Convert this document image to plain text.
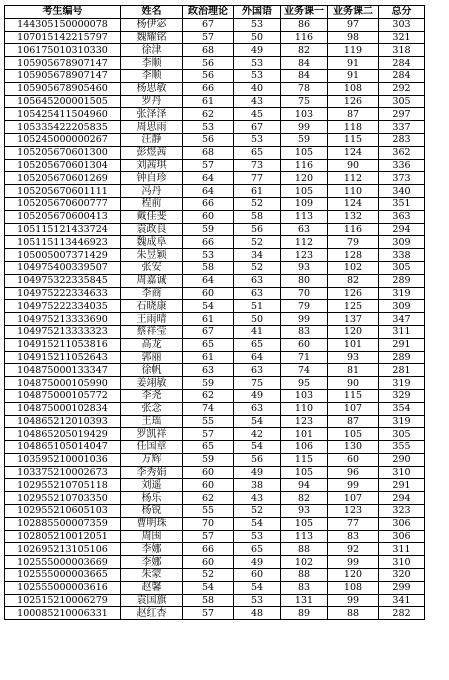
考生编号	姓名	政治理论	外国语	业务课一	业务课二	总分
144305150000078	杨伊宓	67	53	86	97	303
107015142215797	魏耀铭	57	50	116	98	321
106175010310330	徐津	68	49	82	119	318
105905678907147	李顺	56	53	84	91	284
105905678907147	李顺	56	53	84	91	284
105905678905460	杨思敏	66	40	78	108	292
105645200001505	罗丹	61	43	75	126	305
105425411504960	张泽泽	62	45	103	87	297
105335422205835	周思雨	53	67	99	118	337
105245000000267	汪静	56	53	59	115	283
105205670601300	彭煜茜	68	65	105	124	362
105205670601304	刘茜琪	57	73	116	90	336
105205670601269	钟自珍	64	77	120	112	373
105205670601111	冯丹	64	61	105	110	340
105205670600777	程前	66	52	109	124	351
105205670600413	戴佳斐	60	58	113	132	363
105115121433724	袁政良	59	56	63	116	294
105115113446923	魏成阜	66	52	112	79	309
105005007371429	朱昱颖	53	34	123	128	338
104975400339507	张安	58	52	93	102	305
104975322335845	周嘉诚	64	63	80	82	289
104975222334633	李商	60	63	70	126	319
104975222334035	石晓康	54	51	79	125	309
104975213333690	王雨晴	61	50	99	137	347
104975213333323	蔡祥莹	67	41	83	120	311
104915211053816	高龙	65	65	60	101	291
104915211052643	郭丽	61	64	71	93	289
104875000133347	徐帆	63	63	74	81	281
104875000105990	姜翊敏	59	75	95	90	319
104875000105772	李尧	62	49	103	115	329
104875000102834	张念	74	63	110	107	354
104865212010393	王瑶	55	54	123	87	319
104865205019429	罗凯祥	57	42	101	105	305
104865105014047	任国章	65	54	106	130	355
103595210001036	万辉	59	56	115	60	290
103375210002673	李秀娟	60	49	105	96	310
102955210705118	刘遥	60	38	94	99	291
102955210703350	杨乐	62	43	82	107	294
102955210605103	杨锐	55	52	93	123	323
102885500007359	曹明珠	70	54	105	77	306
102805210012051	周围	57	53	113	83	306
102695213105106	李娜	66	65	88	92	311
102555000003669	李娜	60	49	102	99	310
102555000003665	朱蒙	52	60	88	120	320
102555000003616	赵馨	54	54	83	108	299
102515210006279	袁国旗	58	53	131	99	341
100085210006331	赵红杏	57	48	89	88	282
